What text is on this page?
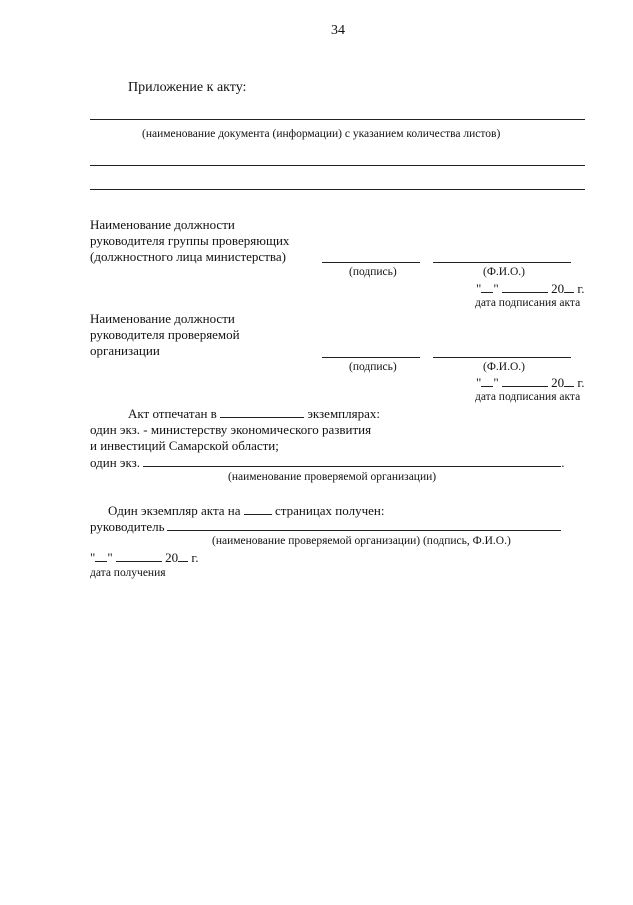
34
Приложение к акту:
(наименование документа (информации) с указанием количества листов)
Наименование должности
руководителя группы проверяющих
(должностного лица министерства)
(подпись)	(Ф.И.О.)
" "	20 г.
дата подписания акта
Наименование должности
руководителя проверяемой
организации
(подпись)	(Ф.И.О.)
" "	20 г.
дата подписания акта
Акт отпечатан в	экземплярах:
один экз. - министерству экономического развития
и инвестиций Самарской области;
один экз.	.
(наименование проверяемой организации)
Один экземпляр акта на	страницах получен:
руководитель
(наименование проверяемой организации) (подпись, Ф.И.О.)
" "	20 г.
дата получения
